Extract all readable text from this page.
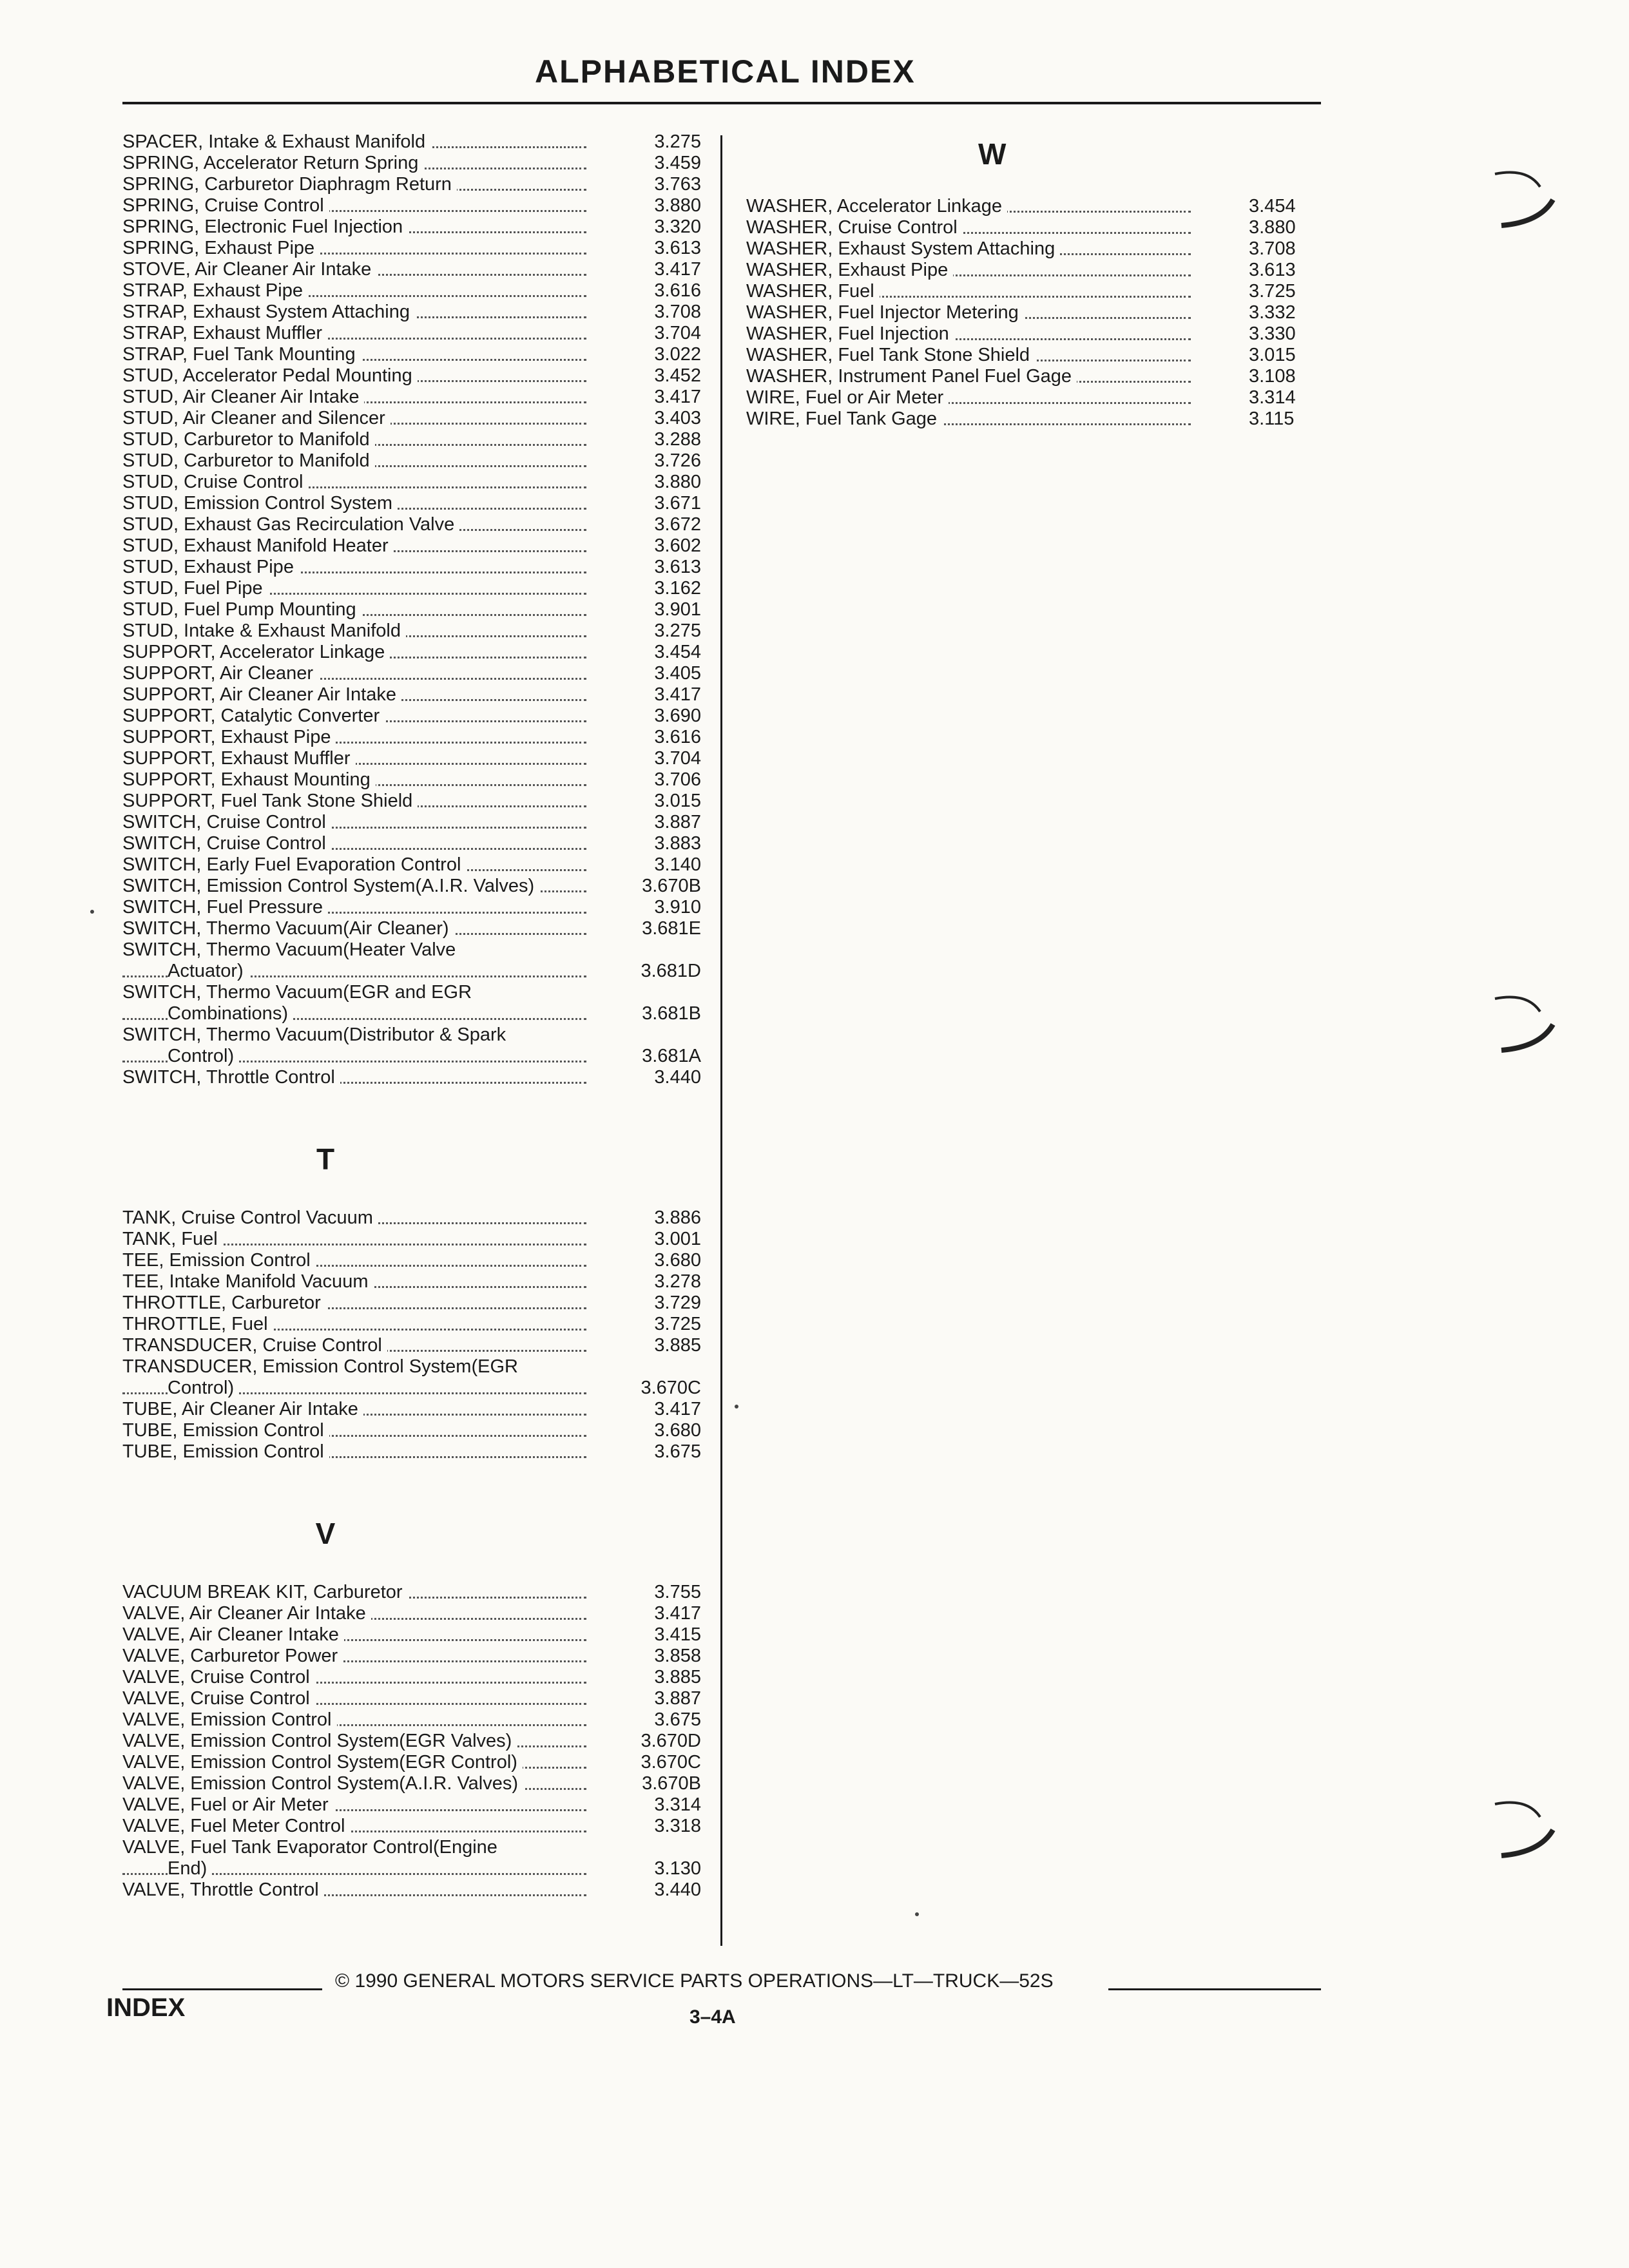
ALPHABETICAL INDEX
SPACER, Intake & Exhaust Manifold	3.275
SPRING, Accelerator Return Spring	3.459
SPRING, Carburetor Diaphragm Return	3.763
SPRING, Cruise Control	3.880
SPRING, Electronic Fuel Injection	3.320
SPRING, Exhaust Pipe	3.613
STOVE, Air Cleaner Air Intake	3.417
STRAP, Exhaust Pipe	3.616
STRAP, Exhaust System Attaching	3.708
STRAP, Exhaust Muffler	3.704
STRAP, Fuel Tank Mounting	3.022
STUD, Accelerator Pedal Mounting	3.452
STUD, Air Cleaner Air Intake	3.417
STUD, Air Cleaner and Silencer	3.403
STUD, Carburetor to Manifold	3.288
STUD, Carburetor to Manifold	3.726
STUD, Cruise Control	3.880
STUD, Emission Control System	3.671
STUD, Exhaust Gas Recirculation Valve	3.672
STUD, Exhaust Manifold Heater	3.602
STUD, Exhaust Pipe	3.613
STUD, Fuel Pipe	3.162
STUD, Fuel Pump Mounting	3.901
STUD, Intake & Exhaust Manifold	3.275
SUPPORT, Accelerator Linkage	3.454
SUPPORT, Air Cleaner	3.405
SUPPORT, Air Cleaner Air Intake	3.417
SUPPORT, Catalytic Converter	3.690
SUPPORT, Exhaust Pipe	3.616
SUPPORT, Exhaust Muffler	3.704
SUPPORT, Exhaust Mounting	3.706
SUPPORT, Fuel Tank Stone Shield	3.015
SWITCH, Cruise Control	3.887
SWITCH, Cruise Control	3.883
SWITCH, Early Fuel Evaporation Control	3.140
SWITCH, Emission Control System(A.I.R. Valves)	3.670B
SWITCH, Fuel Pressure	3.910
SWITCH, Thermo Vacuum(Air Cleaner)	3.681E
SWITCH, Thermo Vacuum(Heater Valve
Actuator)	3.681D
SWITCH, Thermo Vacuum(EGR and EGR
Combinations)	3.681B
SWITCH, Thermo Vacuum(Distributor & Spark
Control)	3.681A
SWITCH, Throttle Control	3.440
T
TANK, Cruise Control Vacuum	3.886
TANK, Fuel	3.001
TEE, Emission Control	3.680
TEE, Intake Manifold Vacuum	3.278
THROTTLE, Carburetor	3.729
THROTTLE, Fuel	3.725
TRANSDUCER, Cruise Control	3.885
TRANSDUCER, Emission Control System(EGR
Control)	3.670C
TUBE, Air Cleaner Air Intake	3.417
TUBE, Emission Control	3.680
TUBE, Emission Control	3.675
V
VACUUM BREAK KIT, Carburetor	3.755
VALVE, Air Cleaner Air Intake	3.417
VALVE, Air Cleaner Intake	3.415
VALVE, Carburetor Power	3.858
VALVE, Cruise Control	3.885
VALVE, Cruise Control	3.887
VALVE, Emission Control	3.675
VALVE, Emission Control System(EGR Valves)	3.670D
VALVE, Emission Control System(EGR Control)	3.670C
VALVE, Emission Control System(A.I.R. Valves)	3.670B
VALVE, Fuel or Air Meter	3.314
VALVE, Fuel Meter Control	3.318
VALVE, Fuel Tank Evaporator Control(Engine
End)	3.130
VALVE, Throttle Control	3.440
W
WASHER, Accelerator Linkage	3.454
WASHER, Cruise Control	3.880
WASHER, Exhaust System Attaching	3.708
WASHER, Exhaust Pipe	3.613
WASHER, Fuel	3.725
WASHER, Fuel Injector Metering	3.332
WASHER, Fuel Injection	3.330
WASHER, Fuel Tank Stone Shield	3.015
WASHER, Instrument Panel Fuel Gage	3.108
WIRE, Fuel or Air Meter	3.314
WIRE, Fuel Tank Gage	3.115
© 1990 GENERAL MOTORS SERVICE PARTS OPERATIONS—LT—TRUCK—52S
INDEX	3–4A
